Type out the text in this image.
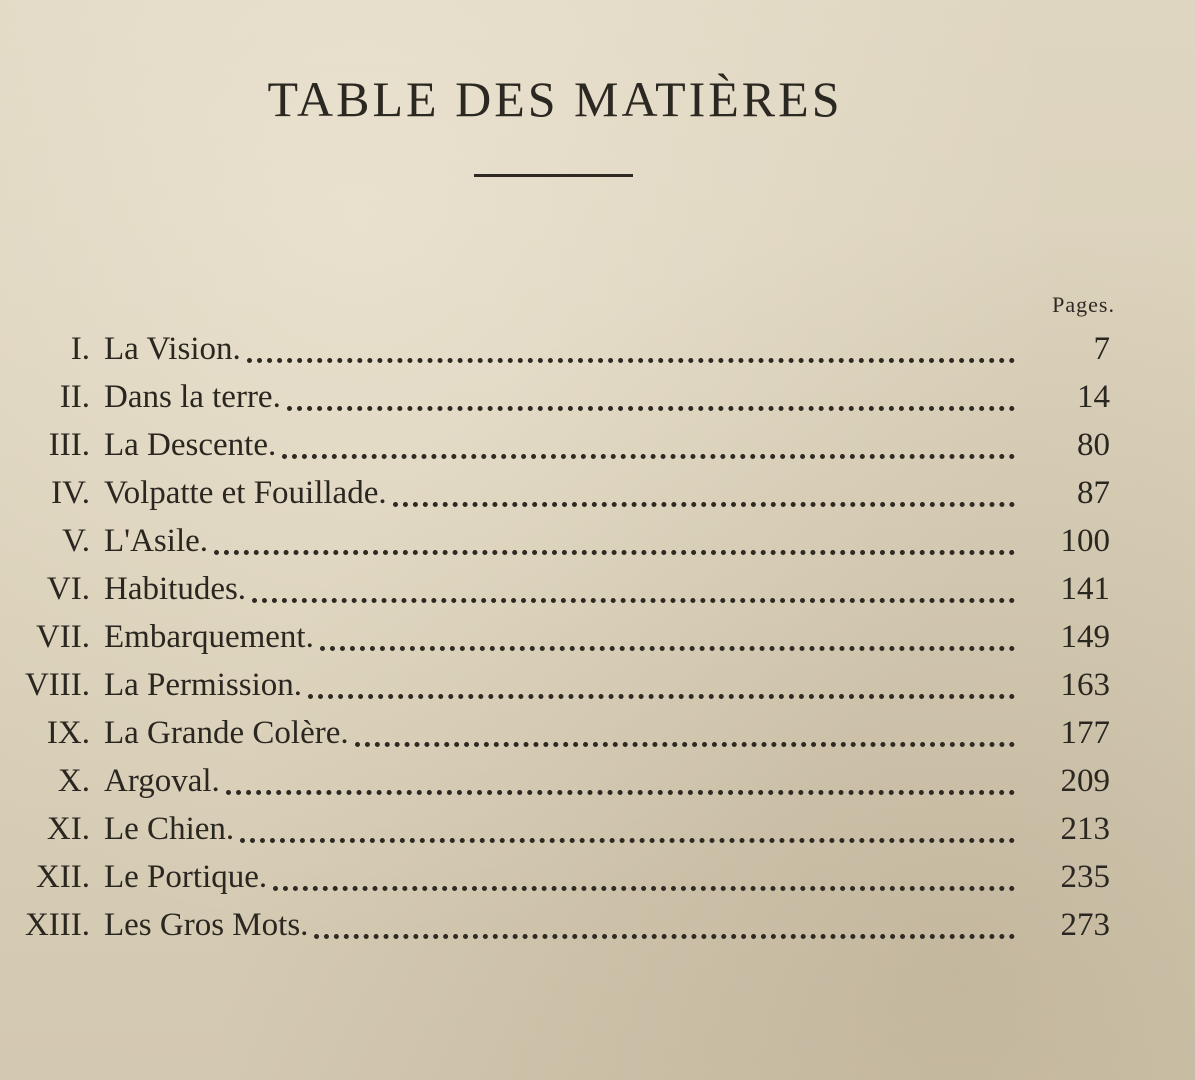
TABLE DES MATIÈRES
Pages.
I. La Vision.	7
II. Dans la terre.	14
III. La Descente.	80
IV. Volpatte et Fouillade.	87
V. L'Asile.	100
VI. Habitudes.	141
VII. Embarquement.	149
VIII. La Permission.	163
IX. La Grande Colère.	177
X. Argoval.	209
XI. Le Chien.	213
XII. Le Portique.	235
XIII. Les Gros Mots.	273
